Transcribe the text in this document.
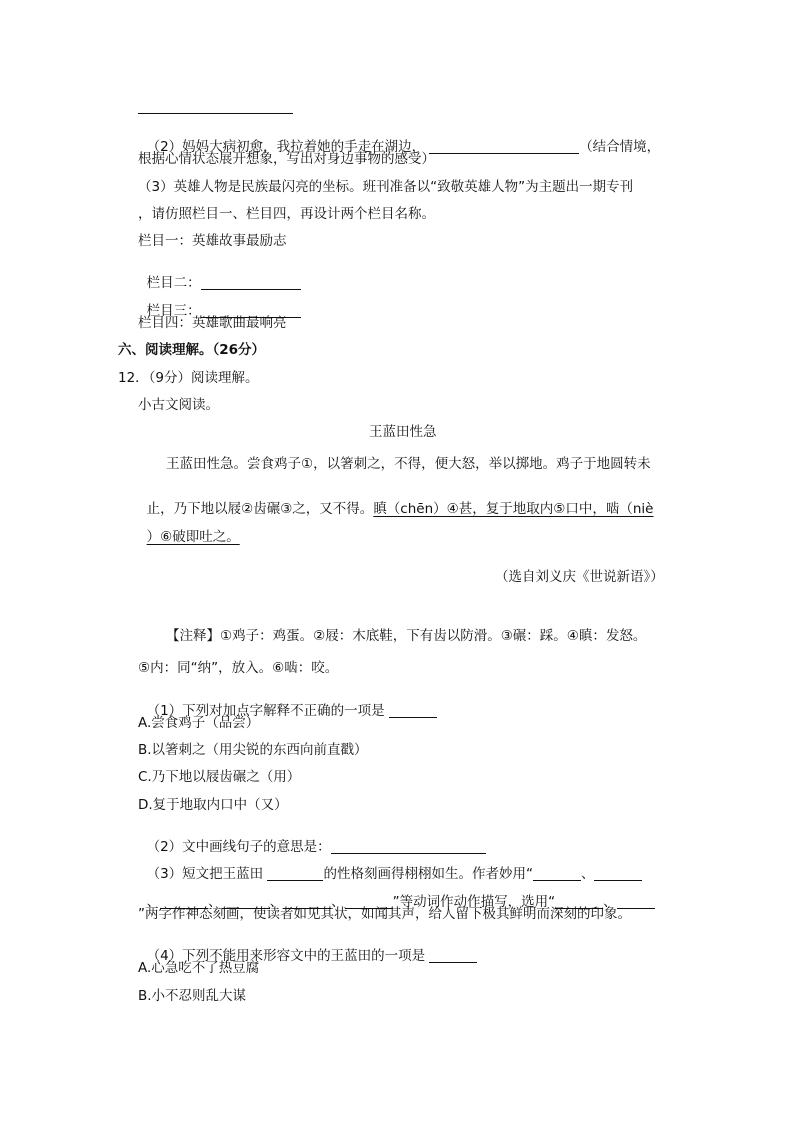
（2）妈妈大病初愈，我拉着她的手走在湖边，	（结合情境，

根据心情状态展开想象，写出对身边事物的感受）
（3）英雄人物是民族最闪亮的坐标。班刊准备以“致敬英雄人物”为主题出一期专刊
，请仿照栏目一、栏目四，再设计两个栏目名称。
栏目一：英雄故事最励志

栏目二：

栏目三：

栏目四：英雄歌曲最响亮
六、阅读理解。（26分）
12．（9分）阅读理解。
小古文阅读。
王蓝田性急
王蓝田性急。尝食鸡子①，以箸刺之，不得，便大怒，举以掷地。鸡子于地圆转未

止，乃下地以屐②齿碾③之，又不得。瞋（chēn）④甚，复于地取内⑤口中，啮（niè

）⑥破即吐之。

（选自刘义庆《世说新语》）
【注释】①鸡子：鸡蛋。②屐：木底鞋，下有齿以防滑。③碾：踩。④瞋：发怒。
⑤内：同“纳”，放入。⑥啮：咬。

（1）下列对加点字解释不正确的一项是

A.尝食鸡子（品尝）
B.以箸刺之（用尖锐的东西向前直戳）
C.乃下地以屐齿碾之（用）
D.复于地取内口中（又）

（2）文中画线句子的意思是：

（3）短文把王蓝田	的性格刻画得栩栩如生。作者妙用“	、

、	、	、	、	”等动词作动作描写，选用“	、

”两字作神态刻画，使读者如见其状，如闻其声，给人留下极其鲜明而深刻的印象。

（4）下列不能用来形容文中的王蓝田的一项是

A.心急吃不了热豆腐
B.小不忍则乱大谋
